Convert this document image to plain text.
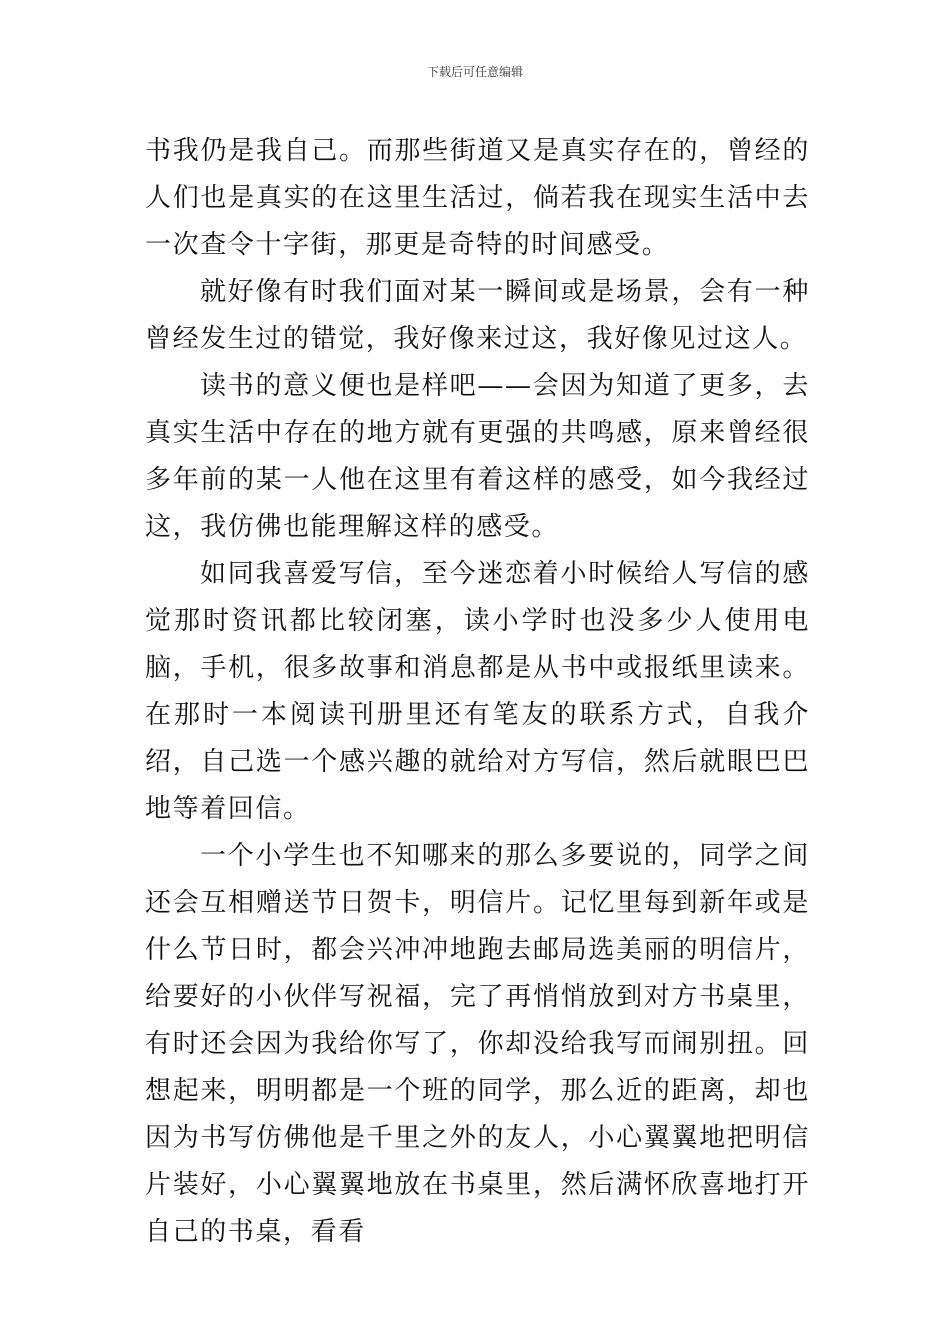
下载后可任意编辑

书我仍是我自己。而那些街道又是真实存在的，曾经的人们也是真实的在这里生活过，倘若我在现实生活中去一次查令十字街，那更是奇特的时间感受。

就好像有时我们面对某一瞬间或是场景，会有一种曾经发生过的错觉，我好像来过这，我好像见过这人。

读书的意义便也是样吧——会因为知道了更多，去真实生活中存在的地方就有更强的共鸣感，原来曾经很多年前的某一人他在这里有着这样的感受，如今我经过这，我仿佛也能理解这样的感受。

如同我喜爱写信，至今迷恋着小时候给人写信的感觉那时资讯都比较闭塞，读小学时也没多少人使用电脑，手机，很多故事和消息都是从书中或报纸里读来。在那时一本阅读刊册里还有笔友的联系方式，自我介绍，自己选一个感兴趣的就给对方写信，然后就眼巴巴地等着回信。

一个小学生也不知哪来的那么多要说的，同学之间还会互相赠送节日贺卡，明信片。记忆里每到新年或是什么节日时，都会兴冲冲地跑去邮局选美丽的明信片，给要好的小伙伴写祝福，完了再悄悄放到对方书桌里，有时还会因为我给你写了，你却没给我写而闹别扭。回想起来，明明都是一个班的同学，那么近的距离，却也因为书写仿佛他是千里之外的友人，小心翼翼地把明信片装好，小心翼翼地放在书桌里，然后满怀欣喜地打开自己的书桌，看看
